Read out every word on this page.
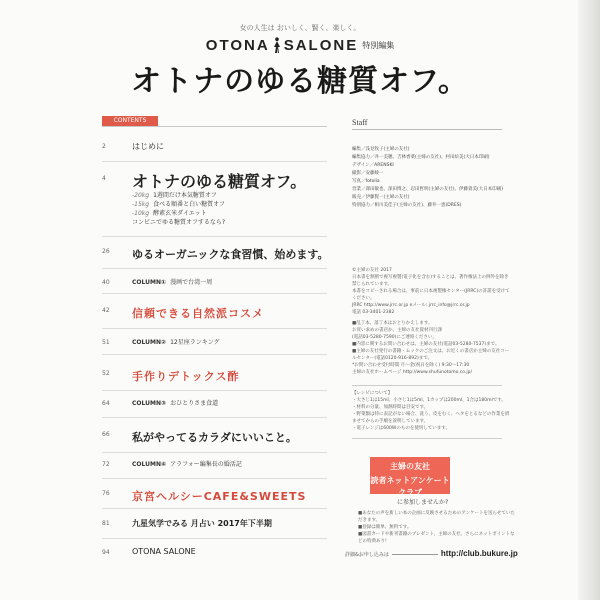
女の人生は おいしく、賢く、楽しく。
OTONA SALONE 特別編集
オトナのゆる糖質オフ。
CONTENTS
2	はじめに
4	オトナのゆる糖質オフ。
-20kg 1週間だけ本気糖質オフ
-15kg 食べる順番と白い糖質オフ
-10kg 酵素玄米ダイエット
コンビニでゆる糖質オフするなら?
26	ゆるオーガニックな食習慣、始めます。
40	COLUMN① 漫画で台湾一周
42	信頼できる自然派コスメ
51	COLUMN② 12星座ランキング
52	手作りデトックス酢
64	COLUMN③ おひとりさま食道
66	私がやってるカラダにいいこと。
72	COLUMN④ アラフォー編集長の婚活記
76	京宮ヘルシーCAFE&SWEETS
81	九星気学でみる 月占い 2017年下半期
94	OTONA SALONE
Staff
編集／浅見牧子(主婦の友社)
編集協力／井一美穂、吉林香菜(主婦の友社)、村田絵美(大日本印刷)
デザイン／ARENSKI
撮影／安藤綾一
写真／fotolia
営業／澤田敏也、深田博之、忍田哲明(主婦の友社)、伊藤貴美(大日本印刷)
販売／伊藤賢一(主婦の友社)
特別協力／相川美佳子(主婦の友社)、藤井一恵(DRES)
©主婦の友社 2017
日本書を無断で複写複製(電子化を含む)することは、著作権法上の例外を除き禁じられています。
本書をコピーされる場合は、事前に日本複製権センター(JRRC)の許諾を受けてください。
JRRC http://www.jrrc.or.jp eメール: jrrc_info@jrrc.or.jp
電話 03-3401-2382
■乱丁本、落丁本はおとりかえします。
お買い求めの書店か、主婦の友社資材刊行課
(電話03-5280-7590)にご連絡ください。
■内容に関するお問い合わせは、主婦の友社(電話03-5280-7537)まで。
■主婦の友社発行の書籍・ムックのご注文は、お近くの書店か主婦の友社コールセンター(電話0120-916-892)まで。
*お問い合わせ受付時間 月〜金(祝日を除く) 9:30〜17:30
主婦の友社ホームページ http://www.shufunotomo.co.jp/
【レシピについて】
・大さじ1は15ml、小さじ1は5ml、1カップは200ml、1合は180mlです。
・材料の分量、加熱時間は目安です。
・野菜類は特に表記がない場合、洗う、皮をむく、ヘタをとるなどの作業を済ませてからの手順を説明しています。
・電子レンジは600Wのものを使用しています。
主婦の友社
読者ネットアンケートクラブ
に参加しませんか?
■あなたの声を新しい本の企画に反映させるためのアンケートを送らせていただきます。
■登録は簡単、無料です。
■図書カードや新刊書籍のプレゼント、主婦の友社、さらにネットポイントなどの特典あり!
詳細&お申し込みは	http://club.bukure.jp
